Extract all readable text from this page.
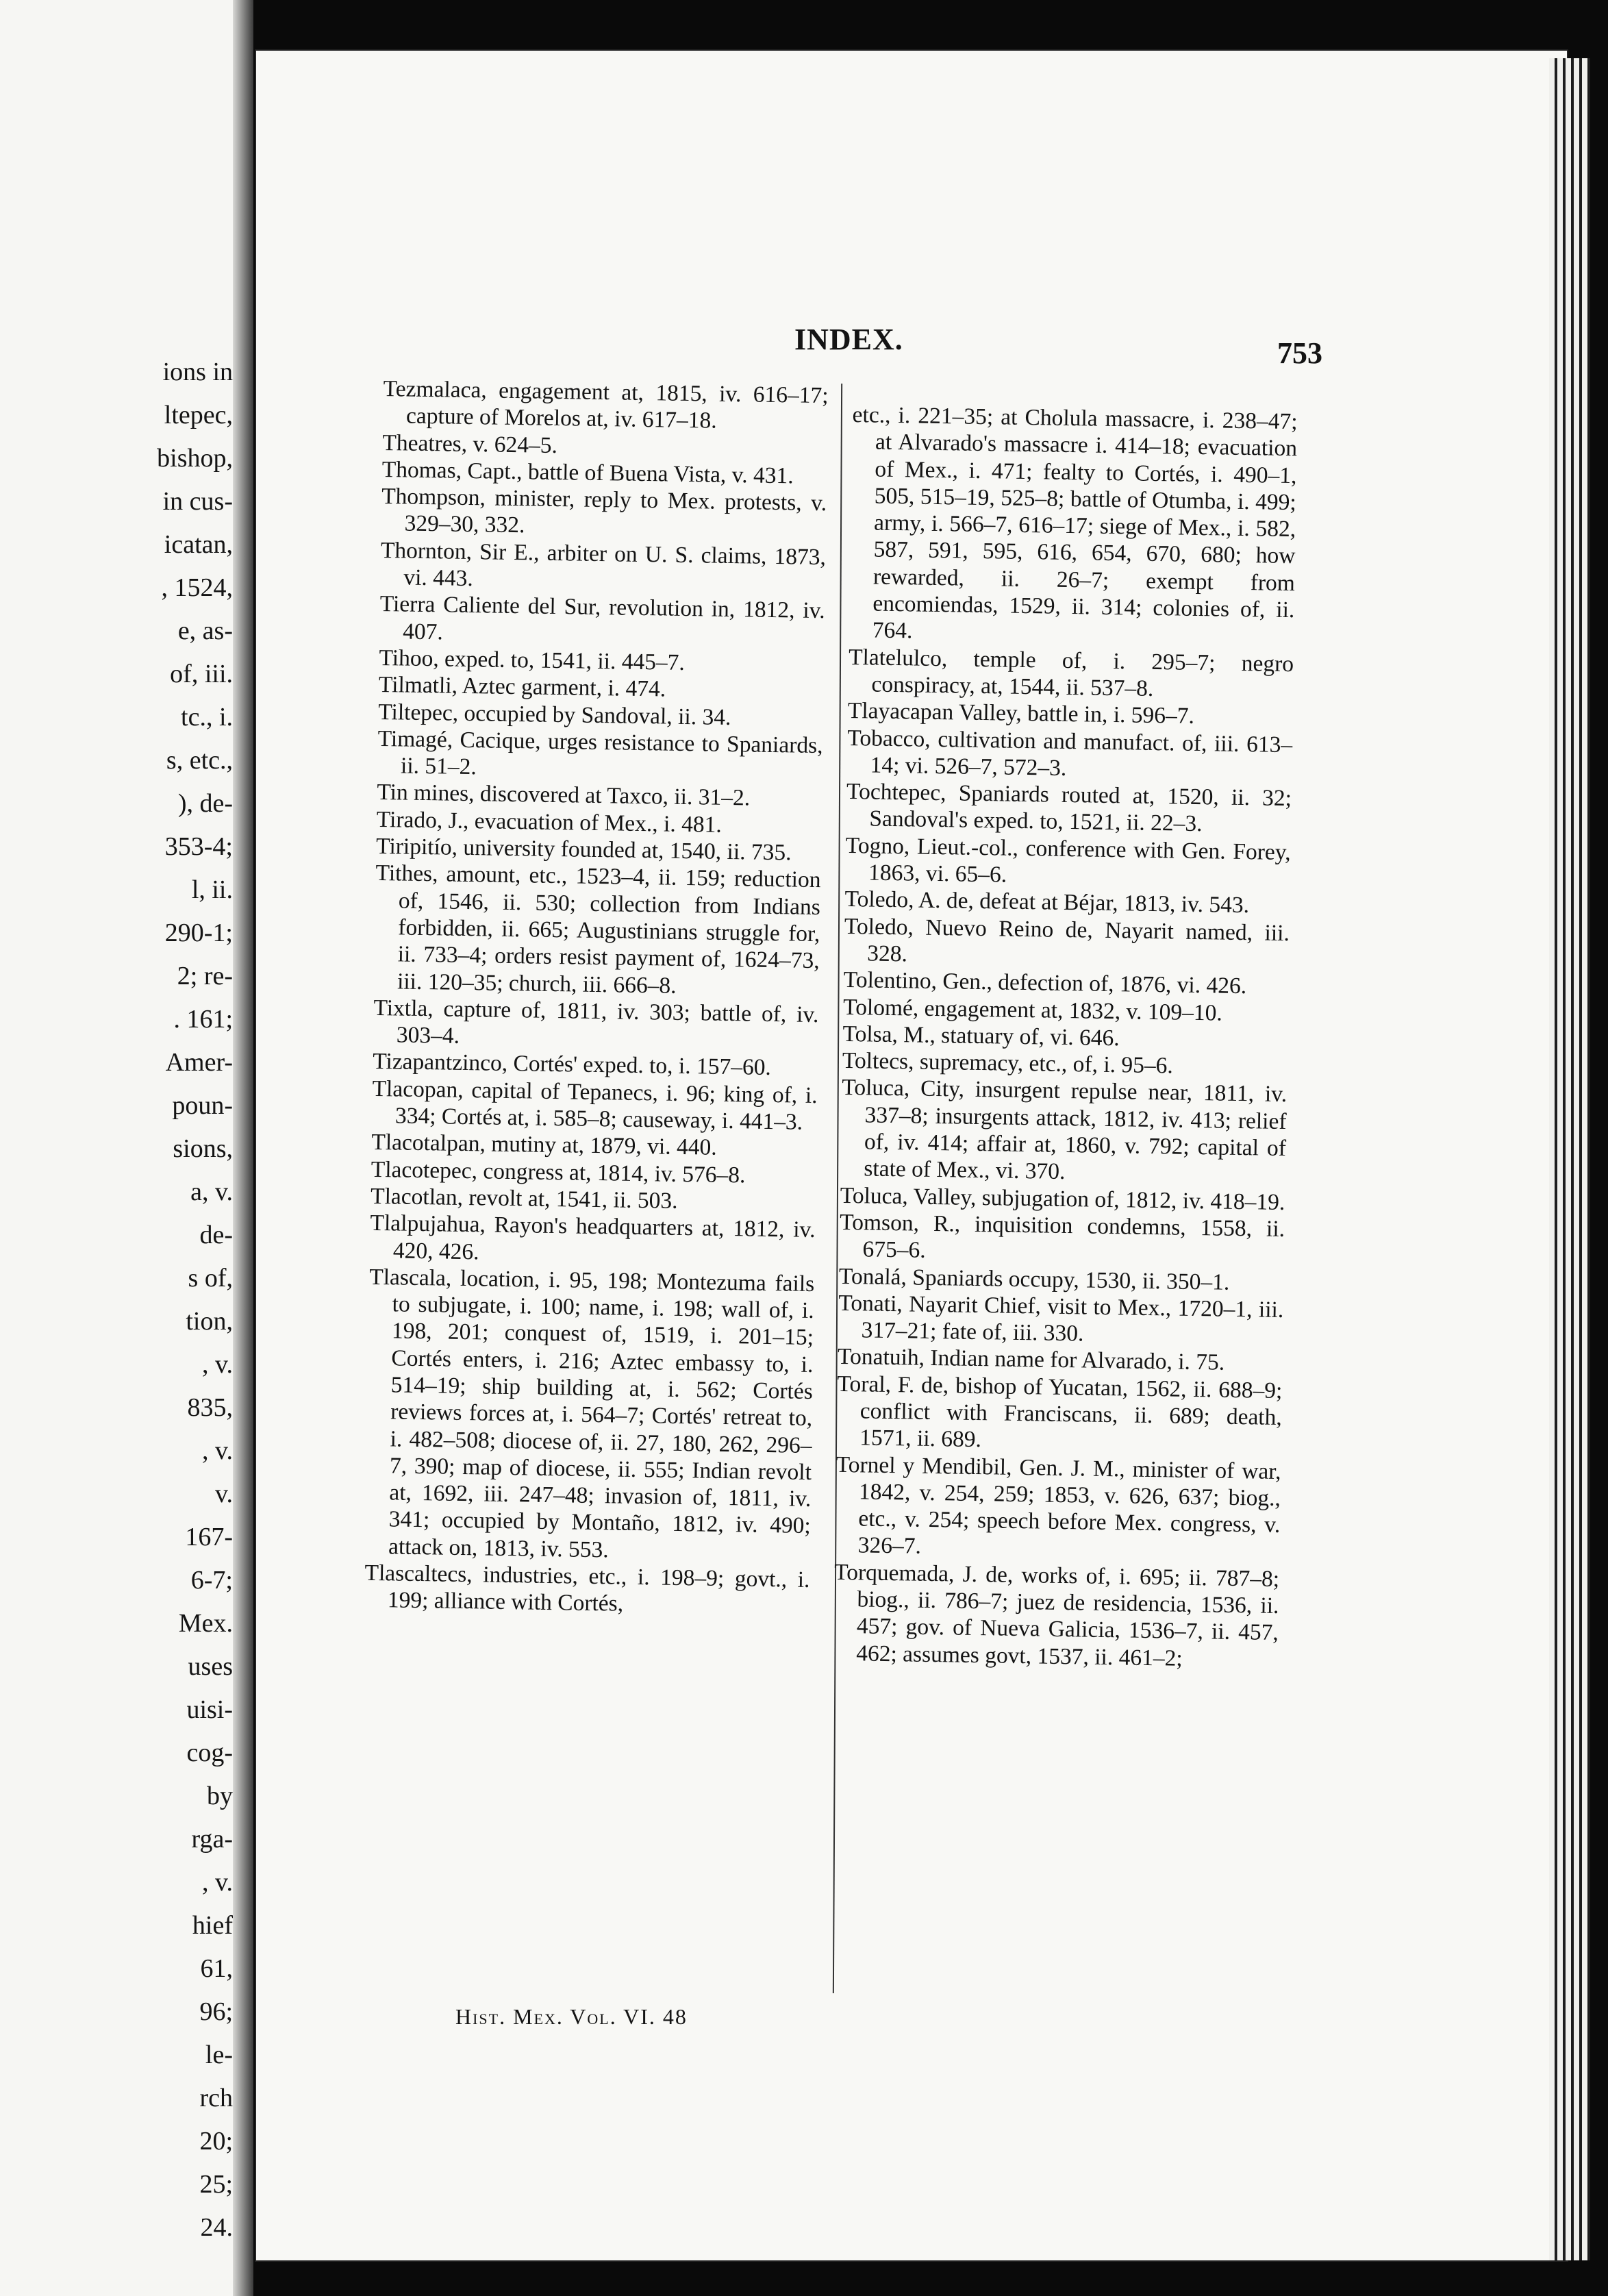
ions in
ltepec,
bishop,
in cus-
icatan,
, 1524,
e, as-
of, iii.
tc., i.
s, etc.,
), de-
353-4;
l, ii.
290-1;
2; re-
. 161;
Amer-
poun-
sions,
a, v.
de-
s of,
tion,
, v.
835,
, v.
v.
167-
6-7;
Mex.
uses
uisi-
cog-
by
rga-
, v.
hief
61,
96;
le-
rch
20;
25;
24.
INDEX.	753
Tezmalaca, engagement at, 1815, iv. 616–17; capture of Morelos at, iv. 617–18.
Theatres, v. 624–5.
Thomas, Capt., battle of Buena Vista, v. 431.
Thompson, minister, reply to Mex. protests, v. 329–30, 332.
Thornton, Sir E., arbiter on U. S. claims, 1873, vi. 443.
Tierra Caliente del Sur, revolution in, 1812, iv. 407.
Tihoo, exped. to, 1541, ii. 445–7.
Tilmatli, Aztec garment, i. 474.
Tiltepec, occupied by Sandoval, ii. 34.
Timagé, Cacique, urges resistance to Spaniards, ii. 51–2.
Tin mines, discovered at Taxco, ii. 31–2.
Tirado, J., evacuation of Mex., i. 481.
Tiripitío, university founded at, 1540, ii. 735.
Tithes, amount, etc., 1523–4, ii. 159; reduction of, 1546, ii. 530; collection from Indians forbidden, ii. 665; Augustinians struggle for, ii. 733–4; orders resist payment of, 1624–73, iii. 120–35; church, iii. 666–8.
Tixtla, capture of, 1811, iv. 303; battle of, iv. 303–4.
Tizapantzinco, Cortés' exped. to, i. 157–60.
Tlacopan, capital of Tepanecs, i. 96; king of, i. 334; Cortés at, i. 585–8; causeway, i. 441–3.
Tlacotalpan, mutiny at, 1879, vi. 440.
Tlacotepec, congress at, 1814, iv. 576–8.
Tlacotlan, revolt at, 1541, ii. 503.
Tlalpujahua, Rayon's headquarters at, 1812, iv. 420, 426.
Tlascala, location, i. 95, 198; Montezuma fails to subjugate, i. 100; name, i. 198; wall of, i. 198, 201; conquest of, 1519, i. 201–15; Cortés enters, i. 216; Aztec embassy to, i. 514–19; ship building at, i. 562; Cortés reviews forces at, i. 564–7; Cortés' retreat to, i. 482–508; diocese of, ii. 27, 180, 262, 296–7, 390; map of diocese, ii. 555; Indian revolt at, 1692, iii. 247–48; invasion of, 1811, iv. 341; occupied by Montaño, 1812, iv. 490; attack on, 1813, iv. 553.
Tlascaltecs, industries, etc., i. 198–9; govt., i. 199; alliance with Cortés,
etc., i. 221–35; at Cholula massacre, i. 238–47; at Alvarado's massacre i. 414–18; evacuation of Mex., i. 471; fealty to Cortés, i. 490–1, 505, 515–19, 525–8; battle of Otumba, i. 499; army, i. 566–7, 616–17; siege of Mex., i. 582, 587, 591, 595, 616, 654, 670, 680; how rewarded, ii. 26–7; exempt from encomiendas, 1529, ii. 314; colonies of, ii. 764.
Tlatelulco, temple of, i. 295–7; negro conspiracy, at, 1544, ii. 537–8.
Tlayacapan Valley, battle in, i. 596–7.
Tobacco, cultivation and manufact. of, iii. 613–14; vi. 526–7, 572–3.
Tochtepec, Spaniards routed at, 1520, ii. 32; Sandoval's exped. to, 1521, ii. 22–3.
Togno, Lieut.-col., conference with Gen. Forey, 1863, vi. 65–6.
Toledo, A. de, defeat at Béjar, 1813, iv. 543.
Toledo, Nuevo Reino de, Nayarit named, iii. 328.
Tolentino, Gen., defection of, 1876, vi. 426.
Tolomé, engagement at, 1832, v. 109–10.
Tolsa, M., statuary of, vi. 646.
Toltecs, supremacy, etc., of, i. 95–6.
Toluca, City, insurgent repulse near, 1811, iv. 337–8; insurgents attack, 1812, iv. 413; relief of, iv. 414; affair at, 1860, v. 792; capital of state of Mex., vi. 370.
Toluca, Valley, subjugation of, 1812, iv. 418–19.
Tomson, R., inquisition condemns, 1558, ii. 675–6.
Tonalá, Spaniards occupy, 1530, ii. 350–1.
Tonati, Nayarit Chief, visit to Mex., 1720–1, iii. 317–21; fate of, iii. 330.
Tonatuih, Indian name for Alvarado, i. 75.
Toral, F. de, bishop of Yucatan, 1562, ii. 688–9; conflict with Franciscans, ii. 689; death, 1571, ii. 689.
Tornel y Mendibil, Gen. J. M., minister of war, 1842, v. 254, 259; 1853, v. 626, 637; biog., etc., v. 254; speech before Mex. congress, v. 326–7.
Torquemada, J. de, works of, i. 695; ii. 787–8; biog., ii. 786–7; juez de residencia, 1536, ii. 457; gov. of Nueva Galicia, 1536–7, ii. 457, 462; assumes govt, 1537, ii. 461–2;
Hist. Mex. Vol. VI. 48
